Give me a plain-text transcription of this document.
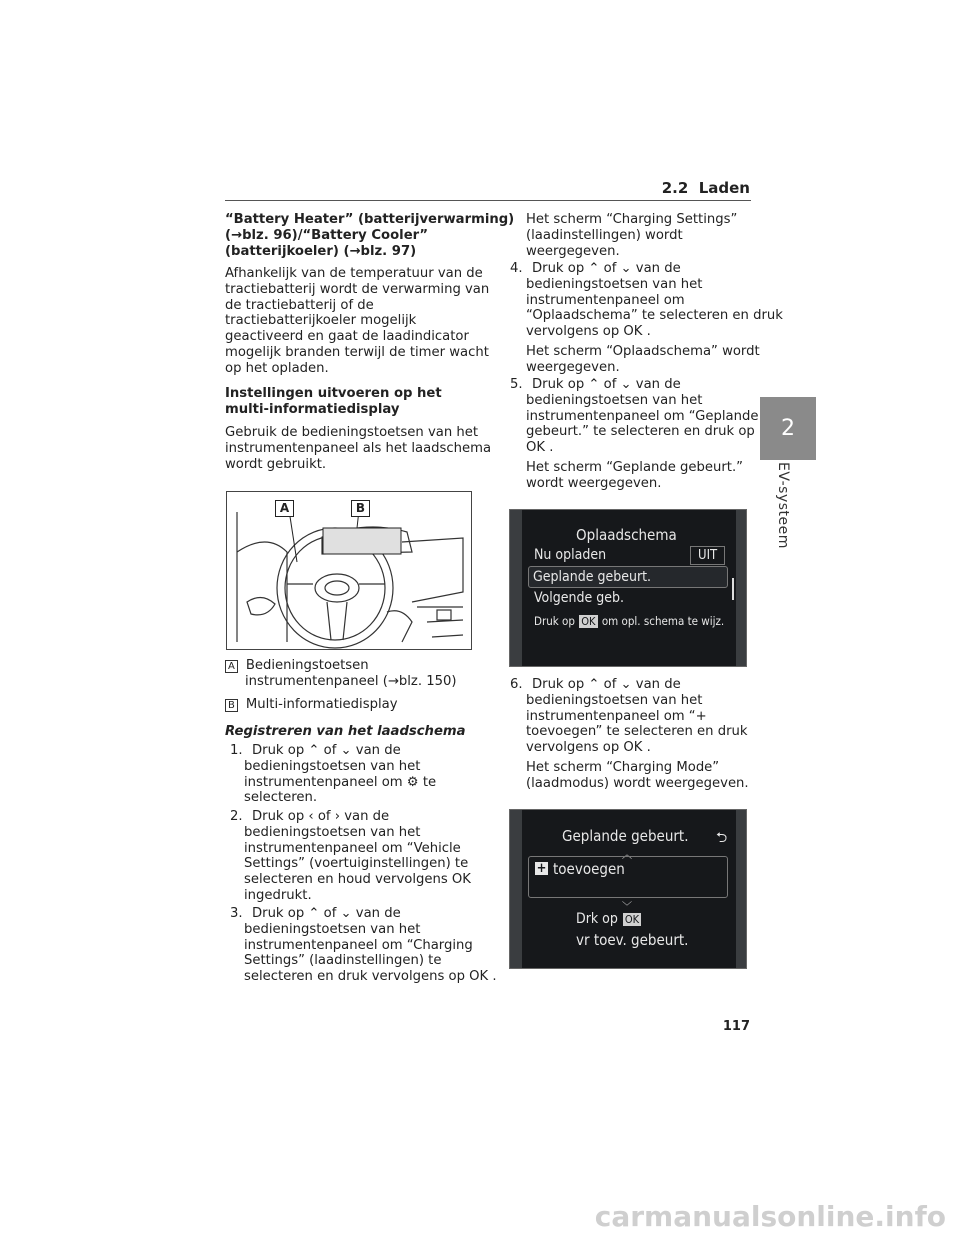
2.2 Laden
2
EV-systeem
“Battery Heater” (batterijverwarming)
(→blz. 96)/“Battery Cooler”
(batterijkoeler) (→blz. 97)
Afhankelijk van de temperatuur van de
tractiebatterij wordt de verwarming van
de tractiebatterij of de
tractiebatterijkoeler mogelijk
geactiveerd en gaat de laadindicator
mogelijk branden terwijl de timer wacht
op het opladen.
Instellingen uitvoeren op het
multi-informatiedisplay
Gebruik de bedieningstoetsen van het
instrumentenpaneel als het laadschema
wordt gebruikt.
A	B
A Bedieningstoetsen
instrumentenpaneel (→blz. 150)
B Multi-informatiedisplay
Registreren van het laadschema
1. Druk op ⌃ of ⌄ van de
bedieningstoetsen van het
instrumentenpaneel om ⚙ te
selecteren.
2. Druk op ‹ of › van de
bedieningstoetsen van het
instrumentenpaneel om “Vehicle
Settings” (voertuiginstellingen) te
selecteren en houd vervolgens OK
ingedrukt.
3. Druk op ⌃ of ⌄ van de
bedieningstoetsen van het
instrumentenpaneel om “Charging
Settings” (laadinstellingen) te
selecteren en druk vervolgens op OK .
Het scherm “Charging Settings”
(laadinstellingen) wordt
weergegeven.
4. Druk op ⌃ of ⌄ van de
bedieningstoetsen van het
instrumentenpaneel om
“Oplaadschema” te selecteren en druk
vervolgens op OK .
Het scherm “Oplaadschema” wordt
weergegeven.
5. Druk op ⌃ of ⌄ van de
bedieningstoetsen van het
instrumentenpaneel om “Geplande
gebeurt.” te selecteren en druk op
OK .
Het scherm “Geplande gebeurt.”
wordt weergegeven.
Oplaadschema
Nu opladen	UIT
Geplande gebeurt.
Volgende geb.
Druk op OK om opl. schema te wijz.
6. Druk op ⌃ of ⌄ van de
bedieningstoetsen van het
instrumentenpaneel om “+
toevoegen” te selecteren en druk
vervolgens op OK .
Het scherm “Charging Mode”
(laadmodus) wordt weergegeven.
Geplande gebeurt. ⮌
︿
+ toevoegen
﹀
Drk op OK
vr toev. gebeurt.
117
carmanualsonline.info
